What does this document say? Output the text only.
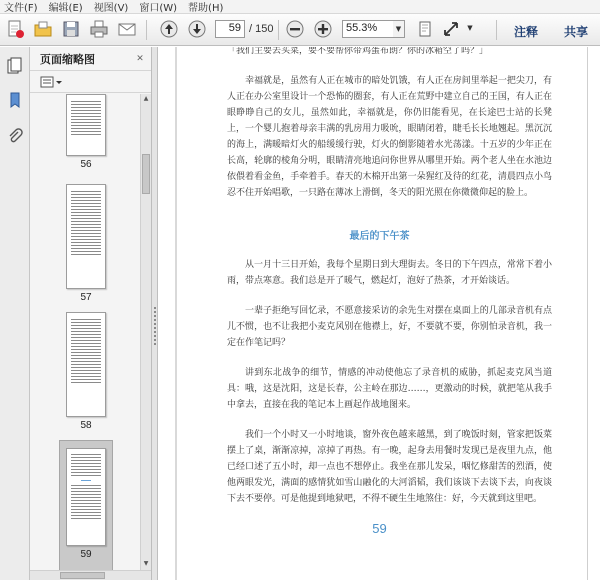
文件(F)	编辑(E)	视图(V)	窗口(W)	帮助(H)
59 / 150	55.3%	▼	▼	注释 共享
页面缩略图	✕
56
57
58
59
▲
▼

「我们主要去买菜，要不要帮你带鸡蛋布朗？你的冰箱空了吗？」

幸福就是，虽然有人正在城市的暗处饥饿，有人正在房间里举起一把尖刀，有人正在办公室里设计一个恐怖的圈套，有人正在荒野中建立自己的王国，有人正在眼睁睁自己的女儿，虽然如此，幸福就是，你仍旧能看见，在长途巴士站的长凳上，一个婴儿抱着母亲丰满的乳房用力吸吮，眼睛闭着，睫毛长长地翘起。黑沉沉的海上，满暖暗灯火的船缓缓行驶，灯火的倒影随着水光荡漾。十五岁的少年正在长高，轮廓的棱角分明，眼睛清亮地追问你世界从哪里开始。两个老人坐在水池边依偎着看金鱼，手牵着手。春天的木棉开出第一朵猩红及待的红花，清晨四点小鸟忍不住开始唱歌，一只路在薄冰上滑倒，冬天的阳光照在你微微仰起的脸上。

最后的下午茶

从一月十三日开始，我每个星期日到大理街去。冬日的下午四点，常常下着小雨，带点寒意。我们总是开了暖气，燃起灯，泡好了热茶，才开始谈话。

一辈子拒绝写回忆录，不愿意接采访的余先生对摆在桌面上的几部录音机有点儿不惯，也不让我把小麦克风别在他襟上，好，不要就不要，你别怕录音机，我一定在作笔记吗？

讲到东北战争的细节，情感的冲动使他忘了录音机的威胁，抓起麦克风当道具：哦，这是沈阳，这是长春，公主岭在那边……，更激动的时候，就把笔从我手中拿去，直接在我的笔记本上画起作战地图来。

我们一个小时又一小时地谈，窗外夜色越来越黑，到了晚饭时刻，管家把饭菜摆上了桌，渐渐凉掉，凉掉了再热。有一晚，起身去用餐时发现已是夜里九点，他已经口述了五小时，却一点也不想停止。我坐在那儿发呆，咽忆修甜苦的烈酒，使他两眼发光，满面的感情犹如雪山融化的大河滔韬，我们该谈下去谈下去，向夜谈下去不要停。可是他提到地狱吧，不得不硬生生地煞住：好，今天就到这里吧。

59
